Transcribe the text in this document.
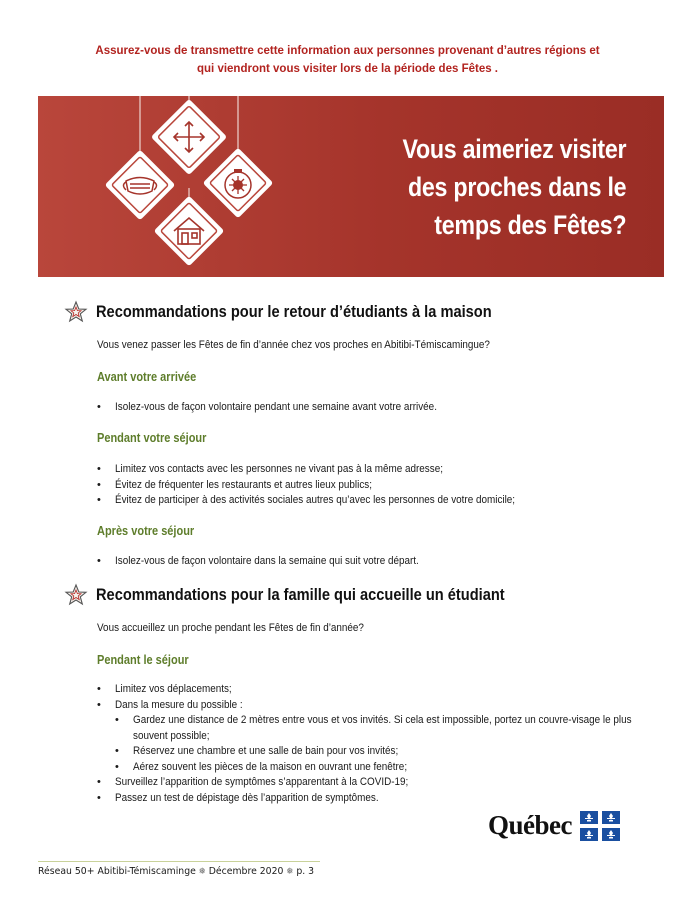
Assurez-vous de transmettre cette information aux personnes provenant d’autres régions et
qui viendront vous visiter lors de la période des Fêtes .
Vous aimeriez visiter
des proches dans le
temps des Fêtes?
Recommandations pour le retour d’étudiants à la maison
Vous venez passer les Fêtes de fin d’année chez vos proches en Abitibi-Témiscamingue?
Avant votre arrivée
• Isolez-vous de façon volontaire pendant une semaine avant votre arrivée.
Pendant votre séjour
• Limitez vos contacts avec les personnes ne vivant pas à la même adresse;
• Évitez de fréquenter les restaurants et autres lieux publics;
• Évitez de participer à des activités sociales autres qu’avec les personnes de votre domicile;
Après votre séjour
• Isolez-vous de façon volontaire dans la semaine qui suit votre départ.
Recommandations pour la famille qui accueille un étudiant
Vous accueillez un proche pendant les Fêtes de fin d’année?
Pendant le séjour
• Limitez vos déplacements;
• Dans la mesure du possible :
• Gardez une distance de 2 mètres entre vous et vos invités. Si cela est impossible, portez un couvre-visage le plus souvent possible;
• Réservez une chambre et une salle de bain pour vos invités;
• Aérez souvent les pièces de la maison en ouvrant une fenêtre;
• Surveillez l’apparition de symptômes s’apparentant à la COVID-19;
• Passez un test de dépistage dès l’apparition de symptômes.
Québec
Réseau 50+ Abitibi-Témiscaminge ❅ Décembre 2020 ❅ p. 3
